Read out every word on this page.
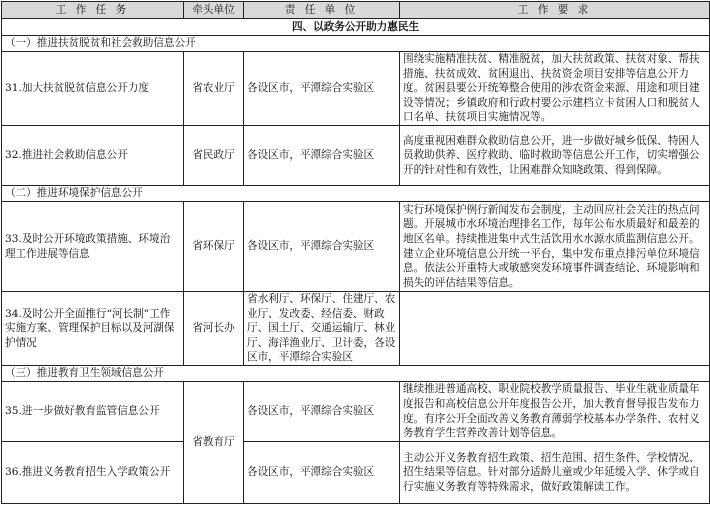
工 作 任 务	牵头单位	责 任 单 位	工 作 要 求
四、以政务公开助力惠民生			
（一）推进扶贫脱贫和社会救助信息公开			
31.加大扶贫脱贫信息公开力度	省农业厅	各设区市，平潭综合实验区	围绕实施精准扶贫、精准脱贫，加大扶贫政策、扶贫对象、帮扶措施、扶贫成效、贫困退出、扶贫资金项目安排等信息公开力度。贫困县要公开统筹整合使用的涉农资金来源、用途和项目建设等情况；乡镇政府和行政村要公示建档立卡贫困人口和脱贫人口名单、扶贫项目实施情况等。
32.推进社会救助信息公开	省民政厅	各设区市，平潭综合实验区	高度重视困难群众救助信息公开，进一步做好城乡低保、特困人员救助供养、医疗救助、临时救助等信息公开工作，切实增强公开的针对性和有效性，让困难群众知晓政策、得到保障。
（二）推进环境保护信息公开			
33.及时公开环境政策措施、环境治理工作进展等信息	省环保厅	各设区市，平潭综合实验区	实行环境保护例行新闻发布会制度，主动回应社会关注的热点问题。开展城市水环境治理排名工作，每年公布水质最好和最差的地区名单。持续推进集中式生活饮用水水源水质监测信息公开。建立企业环境信息公开统一平台，集中发布重点排污单位环境信息。依法公开重特大或敏感突发环境事件调查结论、环境影响和损失的评估结果等信息。
34.及时公开全面推行“河长制”工作实施方案、管理保护目标以及河湖保护情况	省河长办	省水利厅、环保厅、住建厅、农业厅、发改委、经信委、财政厅、国土厅、交通运输厅、林业厅、海洋渔业厅、卫计委，各设区市，平潭综合实验区	
（三）推进教育卫生领域信息公开			
35.进一步做好教育监管信息公开	省教育厅	各设区市，平潭综合实验区	继续推进普通高校、职业院校教学质量报告、毕业生就业质量年度报告和高校信息公开年度报告公开，加大教育督导报告发布力度。有序公开全面改善义务教育薄弱学校基本办学条件、农村义务教育学生营养改善计划等信息。
36.推进义务教育招生入学政策公开		各设区市，平潭综合实验区	主动公开义务教育招生政策、招生范围、招生条件、学校情况、招生结果等信息。针对部分适龄儿童或少年延缓入学、休学或自行实施义务教育等特殊需求，做好政策解读工作。
